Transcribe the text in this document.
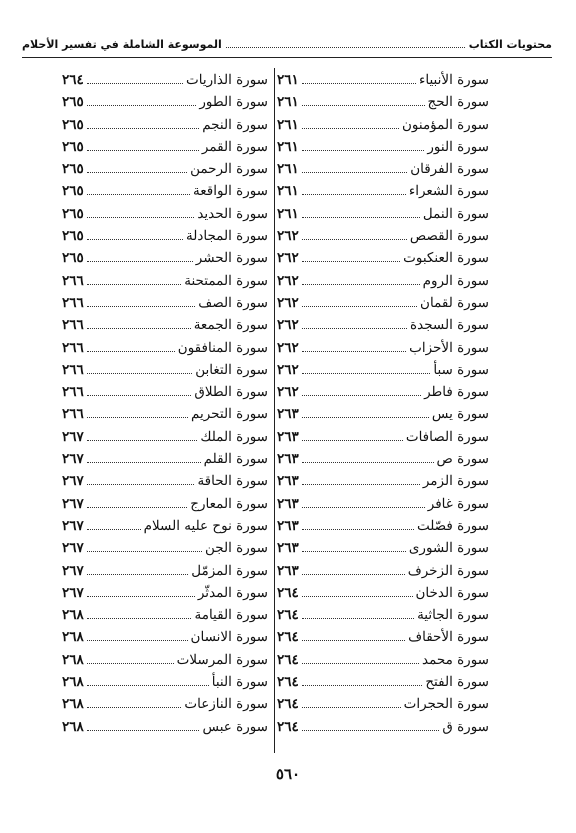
محتويات الكتاب
الموسوعة الشاملة في تفسير الأحلام
سورة الأنبياء
٢٦١
سورة الحج
٢٦١
سورة المؤمنون
٢٦١
سورة النور
٢٦١
سورة الفرقان
٢٦١
سورة الشعراء
٢٦١
سورة النمل
٢٦١
سورة القصص
٢٦٢
سورة العنكبوت
٢٦٢
سورة الروم
٢٦٢
سورة لقمان
٢٦٢
سورة السجدة
٢٦٢
سورة الأحزاب
٢٦٢
سورة سبأ
٢٦٢
سورة فاطر
٢٦٢
سورة يس
٢٦٣
سورة الصافات
٢٦٣
سورة ص
٢٦٣
سورة الزمر
٢٦٣
سورة غافر
٢٦٣
سورة فصّلت
٢٦٣
سورة الشورى
٢٦٣
سورة الزخرف
٢٦٣
سورة الدخان
٢٦٤
سورة الجاثية
٢٦٤
سورة الأحقاف
٢٦٤
سورة محمد
٢٦٤
سورة الفتح
٢٦٤
سورة الحجرات
٢٦٤
سورة ق
٢٦٤
سورة الذاريات
٢٦٤
سورة الطور
٢٦٥
سورة النجم
٢٦٥
سورة القمر
٢٦٥
سورة الرحمن
٢٦٥
سورة الواقعة
٢٦٥
سورة الحديد
٢٦٥
سورة المجادلة
٢٦٥
سورة الحشر
٢٦٥
سورة الممتحنة
٢٦٦
سورة الصف
٢٦٦
سورة الجمعة
٢٦٦
سورة المنافقون
٢٦٦
سورة التغابن
٢٦٦
سورة الطلاق
٢٦٦
سورة التحريم
٢٦٦
سورة الملك
٢٦٧
سورة القلم
٢٦٧
سورة الحاقة
٢٦٧
سورة المعارج
٢٦٧
سورة نوح عليه السلام
٢٦٧
سورة الجن
٢٦٧
سورة المزمّل
٢٦٧
سورة المدثّر
٢٦٧
سورة القيامة
٢٦٨
سورة الانسان
٢٦٨
سورة المرسلات
٢٦٨
سورة النبأ
٢٦٨
سورة النازعات
٢٦٨
سورة عبس
٢٦٨
٥٦٠
